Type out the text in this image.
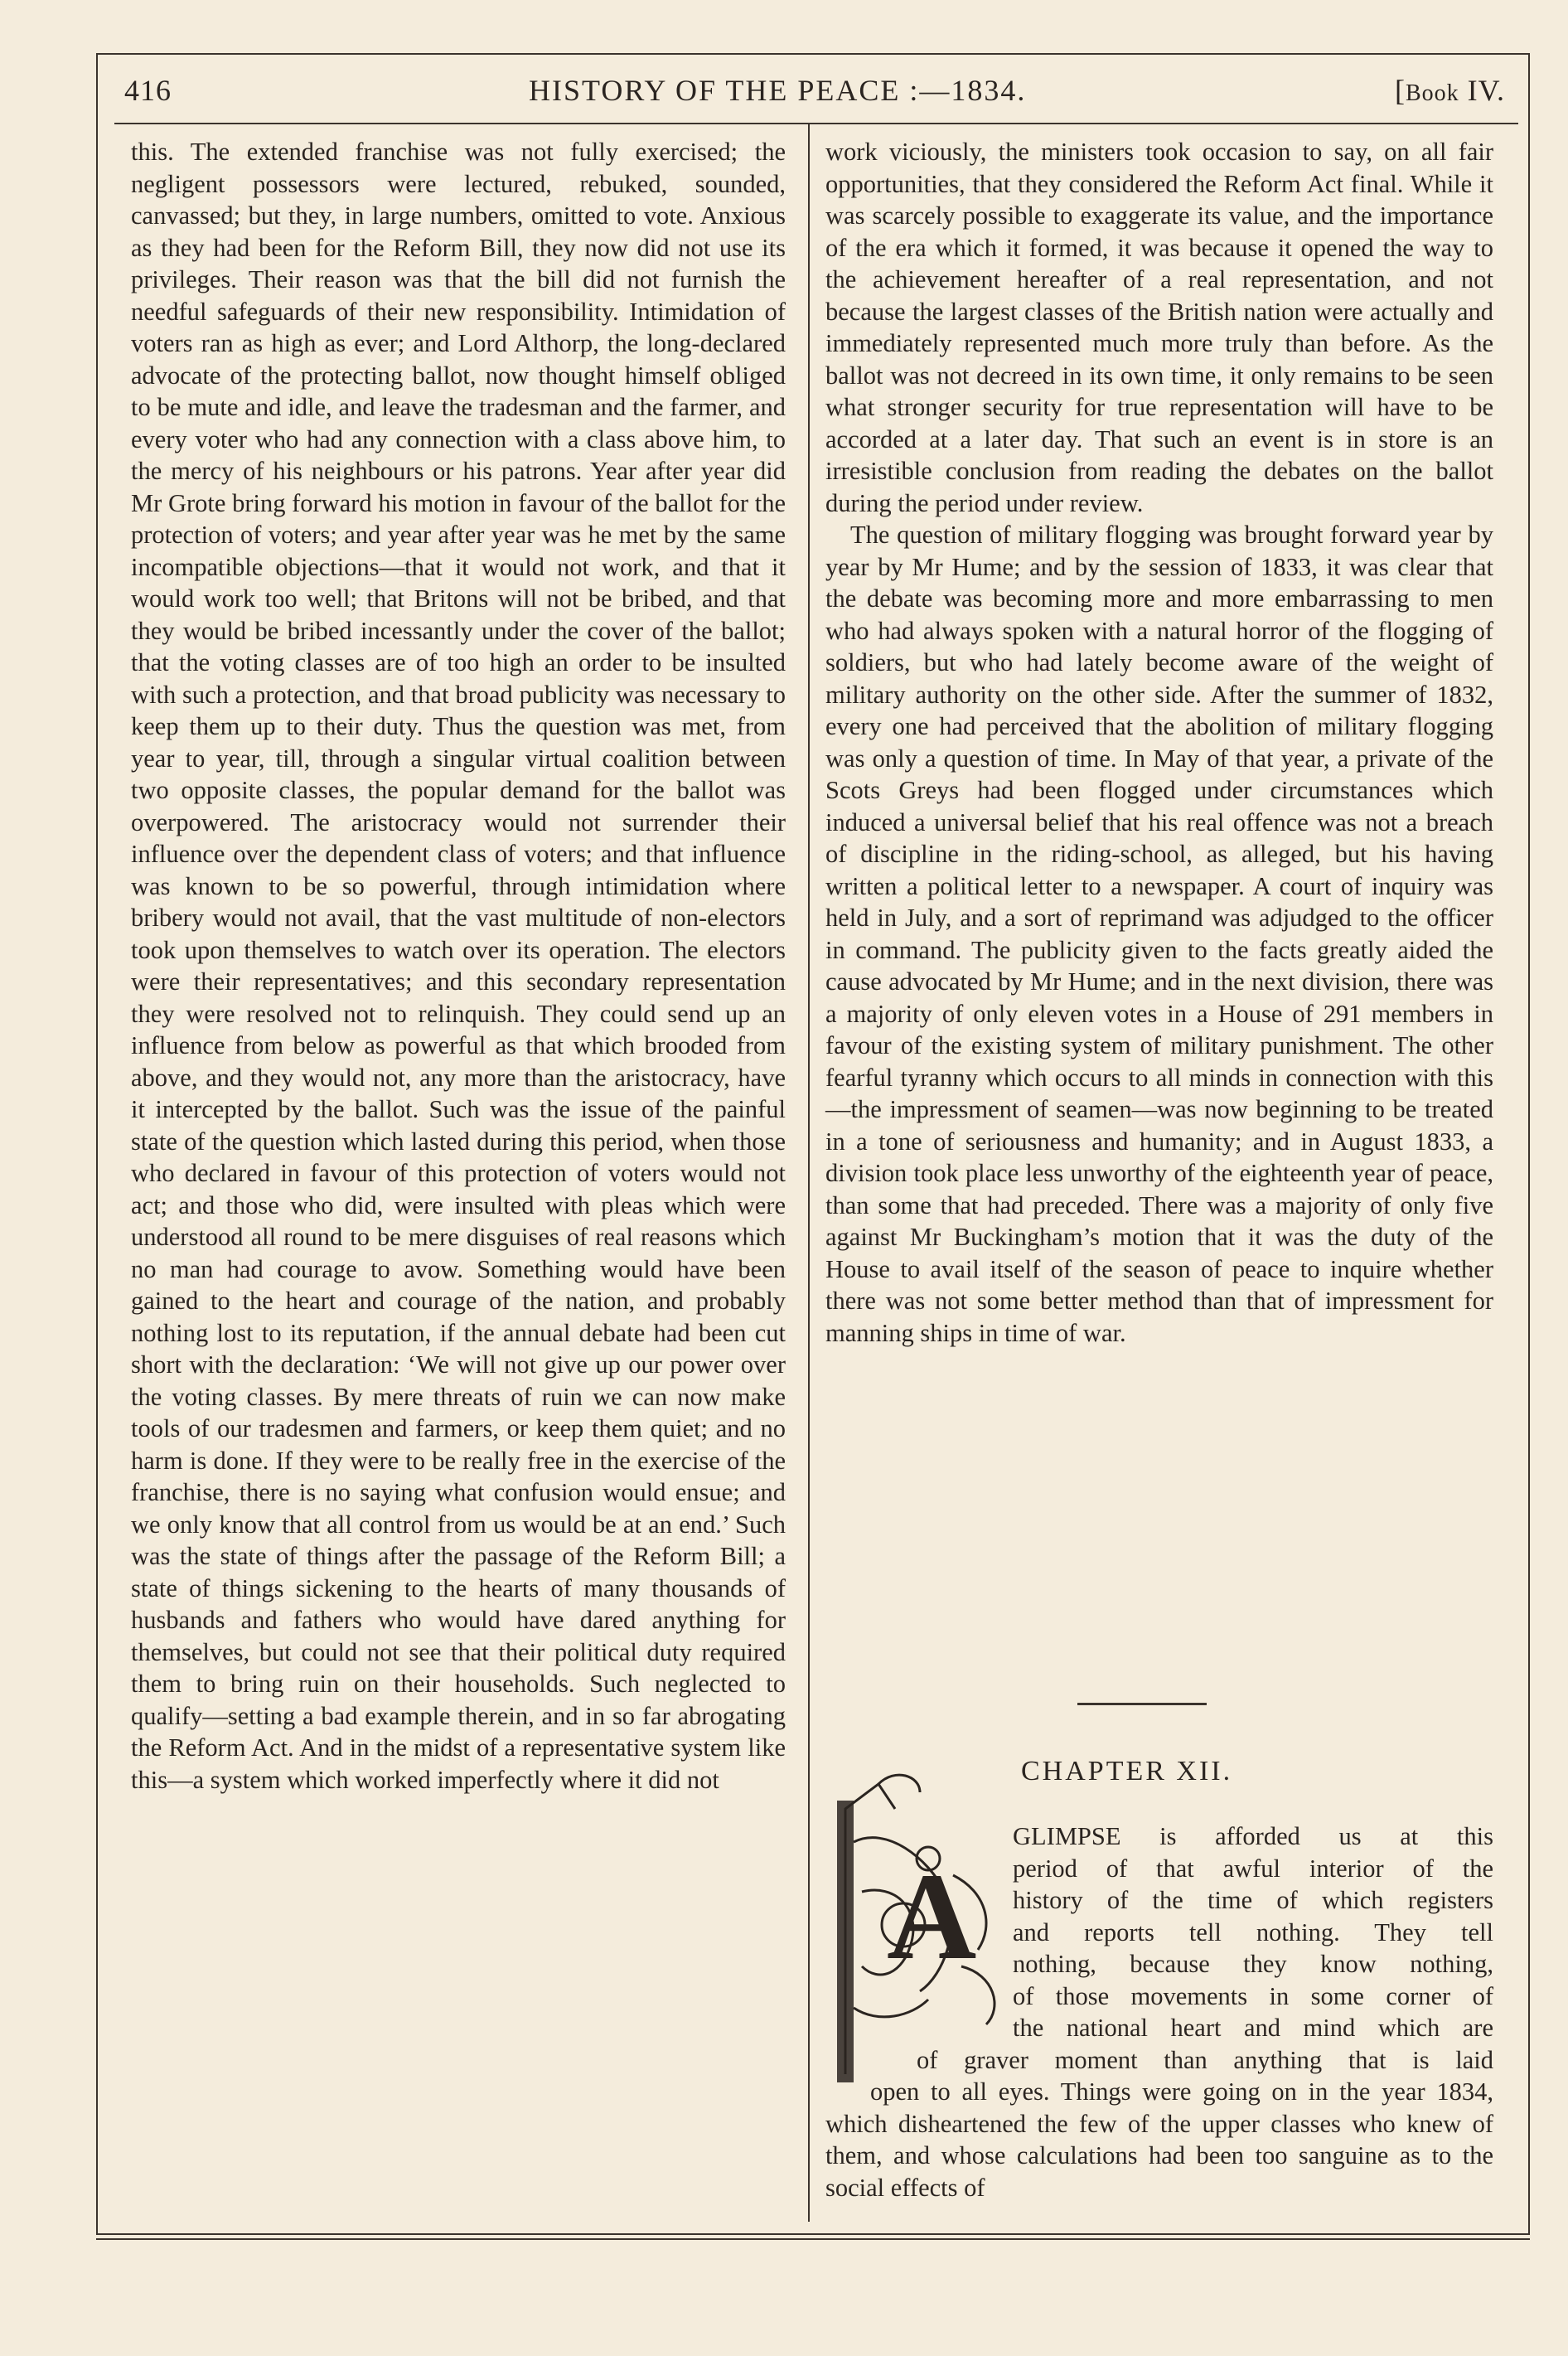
416	HISTORY OF THE PEACE :—1834.	[Book IV.

this. The extended franchise was not fully exercised; the negligent possessors were lectured, rebuked, sounded, canvassed; but they, in large numbers, omitted to vote. Anxious as they had been for the Reform Bill, they now did not use its privileges. Their reason was that the bill did not furnish the needful safeguards of their new responsibility. Intimidation of voters ran as high as ever; and Lord Althorp, the long-declared advocate of the protecting ballot, now thought himself obliged to be mute and idle, and leave the tradesman and the farmer, and every voter who had any connection with a class above him, to the mercy of his neighbours or his patrons. Year after year did Mr Grote bring forward his motion in favour of the ballot for the protection of voters; and year after year was he met by the same incompatible objections—that it would not work, and that it would work too well; that Britons will not be bribed, and that they would be bribed incessantly under the cover of the ballot; that the voting classes are of too high an order to be insulted with such a protection, and that broad publicity was necessary to keep them up to their duty. Thus the question was met, from year to year, till, through a singular virtual coalition between two opposite classes, the popular demand for the ballot was overpowered. The aristocracy would not surrender their influence over the dependent class of voters; and that influence was known to be so powerful, through intimidation where bribery would not avail, that the vast multitude of non-electors took upon themselves to watch over its operation. The electors were their representatives; and this secondary representation they were resolved not to relinquish. They could send up an influence from below as powerful as that which brooded from above, and they would not, any more than the aristocracy, have it intercepted by the ballot. Such was the issue of the painful state of the question which lasted during this period, when those who declared in favour of this protection of voters would not act; and those who did, were insulted with pleas which were understood all round to be mere disguises of real reasons which no man had courage to avow. Something would have been gained to the heart and courage of the nation, and probably nothing lost to its reputation, if the annual debate had been cut short with the declaration: ‘We will not give up our power over the voting classes. By mere threats of ruin we can now make tools of our tradesmen and farmers, or keep them quiet; and no harm is done. If they were to be really free in the exercise of the franchise, there is no saying what confusion would ensue; and we only know that all control from us would be at an end.’ Such was the state of things after the passage of the Reform Bill; a state of things sickening to the hearts of many thousands of husbands and fathers who would have dared anything for themselves, but could not see that their political duty required them to bring ruin on their households. Such neglected to qualify—setting a bad example therein, and in so far abrogating the Reform Act. And in the midst of a representative system like this—a system which worked imperfectly where it did not

work viciously, the ministers took occasion to say, on all fair opportunities, that they considered the Reform Act final. While it was scarcely possible to exaggerate its value, and the importance of the era which it formed, it was because it opened the way to the achievement hereafter of a real representation, and not because the largest classes of the British nation were actually and immediately represented much more truly than before. As the ballot was not decreed in its own time, it only remains to be seen what stronger security for true representation will have to be accorded at a later day. That such an event is in store is an irresistible conclusion from reading the debates on the ballot during the period under review.

The question of military flogging was brought forward year by year by Mr Hume; and by the session of 1833, it was clear that the debate was becoming more and more embarrassing to men who had always spoken with a natural horror of the flogging of soldiers, but who had lately become aware of the weight of military authority on the other side. After the summer of 1832, every one had perceived that the abolition of military flogging was only a question of time. In May of that year, a private of the Scots Greys had been flogged under circumstances which induced a universal belief that his real offence was not a breach of discipline in the riding-school, as alleged, but his having written a political letter to a newspaper. A court of inquiry was held in July, and a sort of reprimand was adjudged to the officer in command. The publicity given to the facts greatly aided the cause advocated by Mr Hume; and in the next division, there was a majority of only eleven votes in a House of 291 members in favour of the existing system of military punishment. The other fearful tyranny which occurs to all minds in connection with this—the impressment of seamen—was now beginning to be treated in a tone of seriousness and humanity; and in August 1833, a division took place less unworthy of the eighteenth year of peace, than some that had preceded. There was a majority of only five against Mr Buckingham’s motion that it was the duty of the House to avail itself of the season of peace to inquire whether there was not some better method than that of impressment for manning ships in time of war.

CHAPTER XII.
A
GLIMPSE is afforded us at this
period of that awful interior of the
history of the time of which registers
and reports tell nothing. They tell
nothing, because they know nothing,
of those movements in some corner of
the national heart and mind which are
of graver moment than anything that is laid

open to all eyes. Things were going on in the year 1834, which disheartened the few of the upper classes who knew of them, and whose calculations had been too sanguine as to the social effects of
